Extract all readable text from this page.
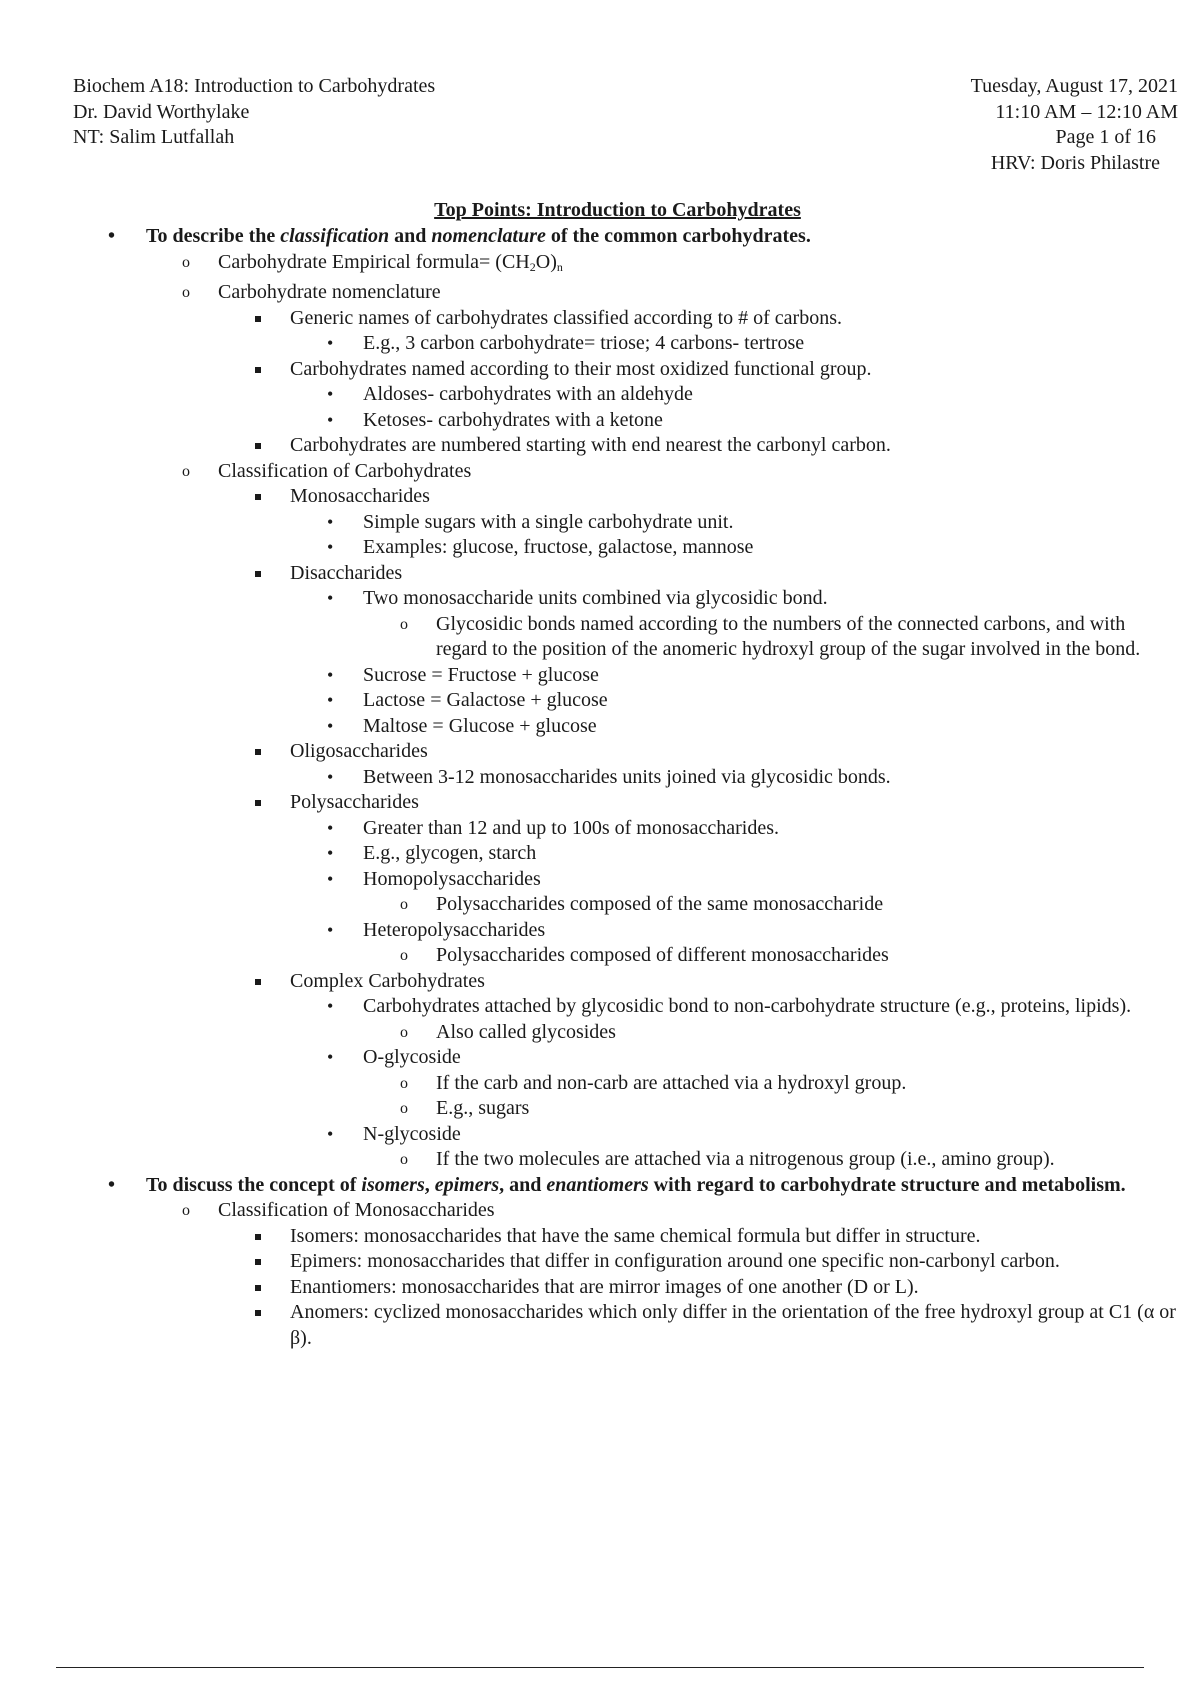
Biochem A18: Introduction to Carbohydrates
Dr. David Worthylake
NT: Salim Lutfallah
Tuesday, August 17, 2021
11:10 AM – 12:10 AM
Page 1 of 16
HRV: Doris Philastre
Top Points: Introduction to Carbohydrates
• To describe the classification and nomenclature of the common carbohydrates.
o Carbohydrate Empirical formula= $(CH_2O)_n$
o Carbohydrate nomenclature
Generic names of carbohydrates classified according to # of carbons.
• E.g., 3 carbon carbohydrate= triose; 4 carbons- tertrose
Carbohydrates named according to their most oxidized functional group.
• Aldoses- carbohydrates with an aldehyde
• Ketoses- carbohydrates with a ketone
Carbohydrates are numbered starting with end nearest the carbonyl carbon.
o Classification of Carbohydrates
Monosaccharides
• Simple sugars with a single carbohydrate unit.
• Examples: glucose, fructose, galactose, mannose
Disaccharides
• Two monosaccharide units combined via glycosidic bond.
o Glycosidic bonds named according to the numbers of the connected carbons, and with regard to the position of the anomeric hydroxyl group of the sugar involved in the bond.
• Sucrose = Fructose + glucose
• Lactose = Galactose + glucose
• Maltose = Glucose + glucose
Oligosaccharides
• Between 3-12 monosaccharides units joined via glycosidic bonds.
Polysaccharides
• Greater than 12 and up to 100s of monosaccharides.
• E.g., glycogen, starch
• Homopolysaccharides
o Polysaccharides composed of the same monosaccharide
• Heteropolysaccharides
o Polysaccharides composed of different monosaccharides
Complex Carbohydrates
• Carbohydrates attached by glycosidic bond to non-carbohydrate structure (e.g., proteins, lipids).
o Also called glycosides
• O-glycoside
o If the carb and non-carb are attached via a hydroxyl group.
o E.g., sugars
• N-glycoside
o If the two molecules are attached via a nitrogenous group (i.e., amino group).
• To discuss the concept of isomers, epimers, and enantiomers with regard to carbohydrate structure and metabolism.
o Classification of Monosaccharides
Isomers: monosaccharides that have the same chemical formula but differ in structure.
Epimers: monosaccharides that differ in configuration around one specific non-carbonyl carbon.
Enantiomers: monosaccharides that are mirror images of one another (D or L).
Anomers: cyclized monosaccharides which only differ in the orientation of the free hydroxyl group at C1 (α or β).
